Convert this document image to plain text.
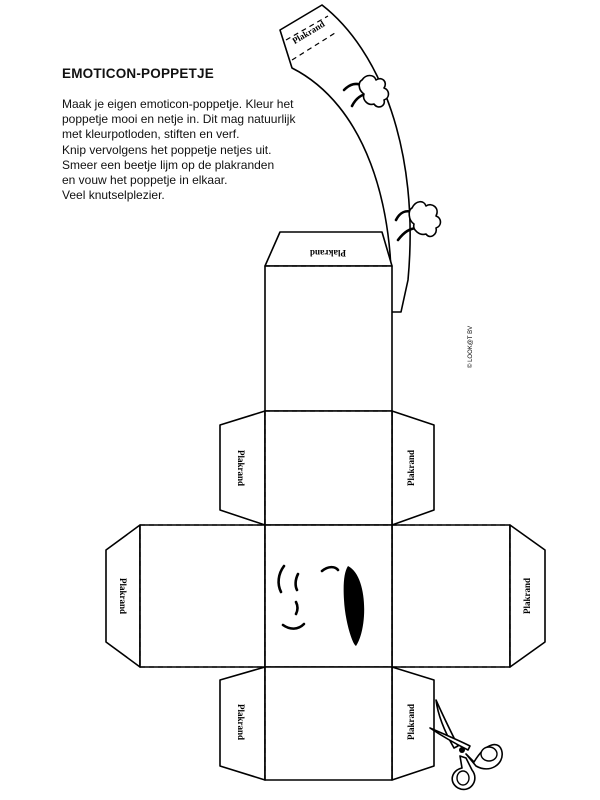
EMOTICON-POPPETJE
Maak je eigen emoticon-poppetje. Kleur het
poppetje mooi en netje in. Dit mag natuurlijk
met kleurpotloden, stiften en verf.
Knip vervolgens het poppetje netjes uit.
Smeer een beetje lijm op de plakranden
en vouw het poppetje in elkaar.
Veel knutselplezier.
Plakrand
Plakrand
Plakrand	Plakrand
Plakrand	Plakrand
Plakrand	Plakrand
© LOOK@T BV
